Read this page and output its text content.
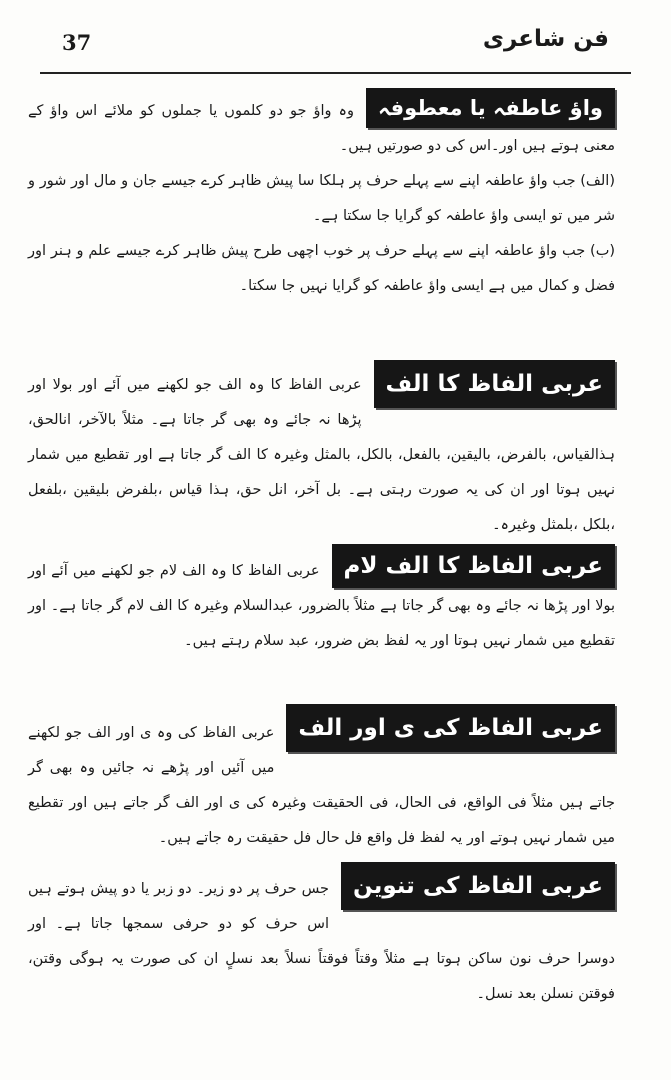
37	فن شاعری
واؤ عاطفہ یا معطوفہ

وہ واؤ جو دو کلموں یا جملوں کو ملائے اس واؤ کے معنی ہوتے ہیں اور۔اس کی دو صورتیں ہیں۔

(الف) جب واؤ عاطفہ اپنے سے پہلے حرف پر ہلکا سا پیش ظاہر کرے جیسے جان و مال اور شور و شر میں تو ایسی واؤ عاطفہ کو گرایا جا سکتا ہے۔

(ب) جب واؤ عاطفہ اپنے سے پہلے حرف پر خوب اچھی طرح پیش ظاہر کرے جیسے علم و ہنر اور فضل و کمال میں ہے ایسی واؤ عاطفہ کو گرایا نہیں جا سکتا۔

عربی الفاظ کا الف

عربی الفاظ کا وہ الف جو لکھنے میں آئے اور بولا اور پڑھا نہ جائے وہ بھی گر جاتا ہے۔ مثلاً بالآخر، انالحق، ہذالقیاس، بالفرض، بالیقین، بالفعل، بالکل، بالمثل وغیرہ کا الف گر جاتا ہے اور تقطیع میں شمار نہیں ہوتا اور ان کی یہ صورت رہتی ہے۔ بل آخر، انل حق، ہذا قیاس ،بلفرض بلیقین ،بلفعل ،بلکل ،بلمثل وغیرہ۔

عربی الفاظ کا الف لام

عربی الفاظ کا وہ الف لام جو لکھنے میں آئے اور بولا اور پڑھا نہ جائے وہ بھی گر جاتا ہے مثلاً بالضرور، عبدالسلام وغیرہ کا الف لام گر جاتا ہے۔ اور تقطیع میں شمار نہیں ہوتا اور یہ لفظ بض ضرور، عبد سلام رہتے ہیں۔

عربی الفاظ کی ی اور الف

عربی الفاظ کی وہ ی اور الف جو لکھنے میں آئیں اور پڑھے نہ جائیں وہ بھی گر جاتے ہیں مثلاً فی الواقع، فی الحال، فی الحقیقت وغیرہ کی ی اور الف گر جاتے ہیں اور تقطیع میں شمار نہیں ہوتے اور یہ لفظ فل واقع فل حال فل حقیقت رہ جاتے ہیں۔

عربی الفاظ کی تنوین

جس حرف پر دو زیر۔ دو زبر یا دو پیش ہوتے ہیں اس حرف کو دو حرفی سمجھا جاتا ہے۔ اور دوسرا حرف نون ساکن ہوتا ہے مثلاً وقتاً فوقتاً نسلاً بعد نسلٍ ان کی صورت یہ ہوگی وقتن، فوقتن نسلن بعد نسل۔
